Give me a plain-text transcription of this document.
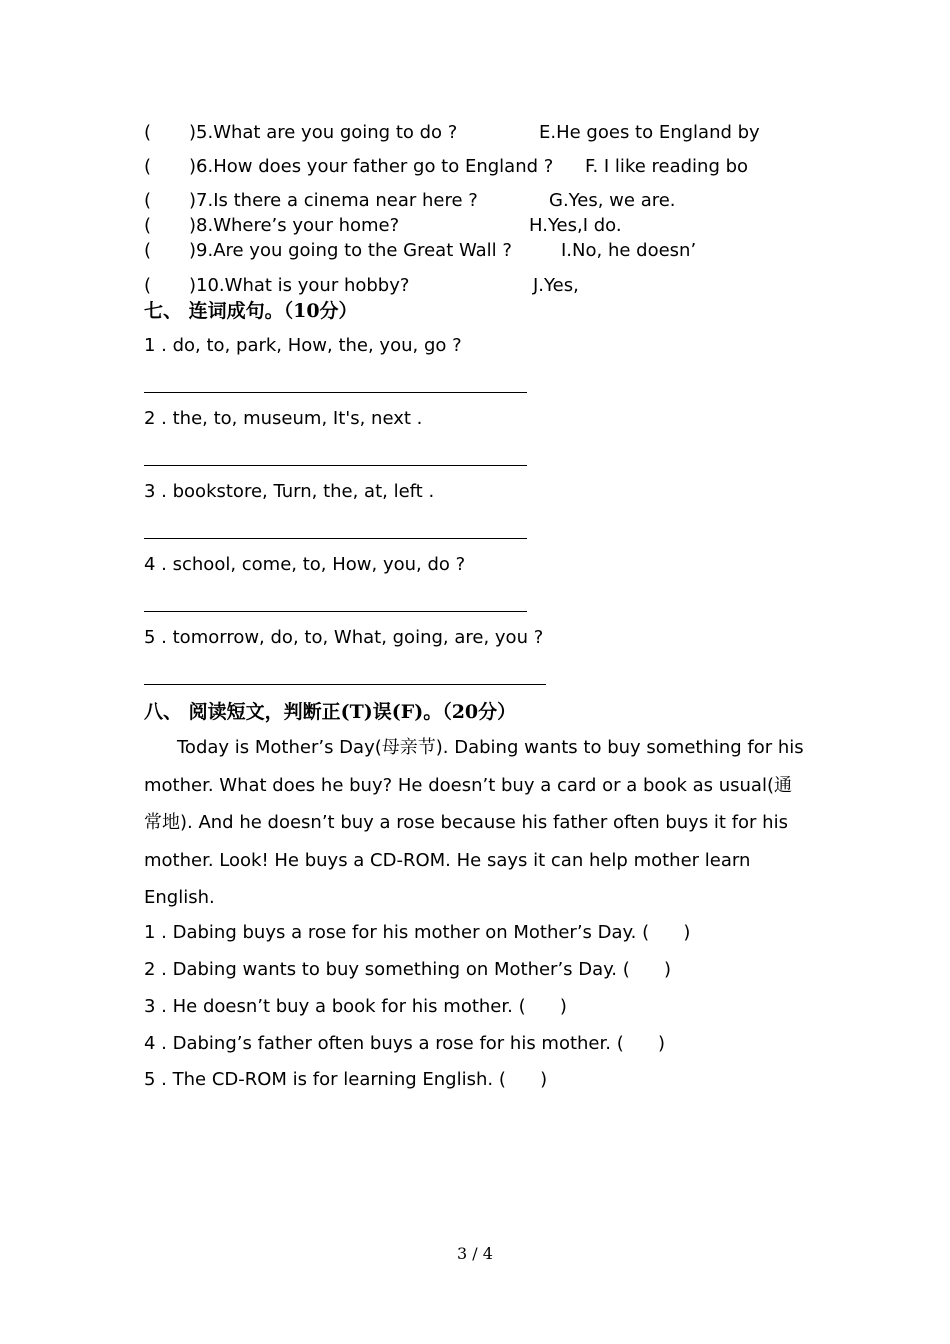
( )5.What are you going to do ?	E.He goes to England by
( )6.How does your father go to England ? F. I like reading bo
( )7.Is there a cinema near here ?	G.Yes, we are.
( )8.Where’s your home?	H.Yes,I do.
( )9.Are you going to the Great Wall ?	I.No, he doesn’
( )10.What is your hobby?	J.Yes,
七、 连词成句。（10分）
1 . do, to, park, How, the, you, go ?
2 . the, to, museum, It's, next .
3 . bookstore, Turn, the, at, left .
4 . school, come, to, How, you, do ?
5 . tomorrow, do, to, What, going, are, you ?
八、 阅读短文，判断正(T)误(F)。（20分）
Today is Mother’s Day(母亲节). Dabing wants to buy something for his mother. What does he buy? He doesn’t buy a card or a book as usual(通常地). And he doesn’t buy a rose because his father often buys it for his mother. Look! He buys a CD-ROM. He says it can help mother learn English.
1 . Dabing buys a rose for his mother on Mother’s Day. (      )
2 . Dabing wants to buy something on Mother’s Day. (      )
3 . He doesn’t buy a book for his mother. (      )
4 . Dabing’s father often buys a rose for his mother. (      )
5 . The CD-ROM is for learning English. (      )
3 / 4
